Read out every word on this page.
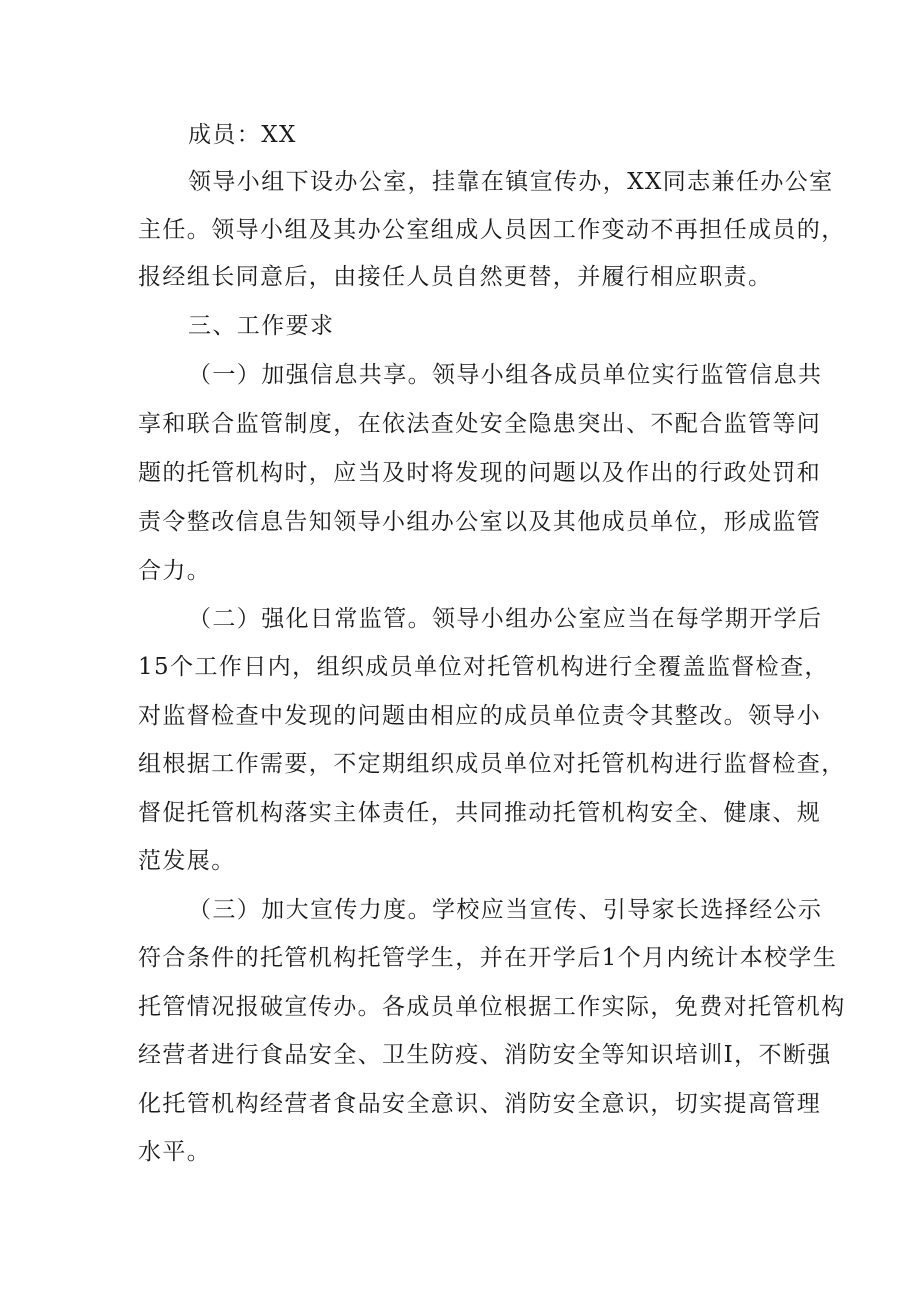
成员：XX
领导小组下设办公室，挂靠在镇宣传办，XX同志兼任办公室
主任。领导小组及其办公室组成人员因工作变动不再担任成员的，
报经组长同意后，由接任人员自然更替，并履行相应职责。
三、工作要求
（一）加强信息共享。领导小组各成员单位实行监管信息共
享和联合监管制度，在依法查处安全隐患突出、不配合监管等问
题的托管机构时，应当及时将发现的问题以及作出的行政处罚和
责令整改信息告知领导小组办公室以及其他成员单位，形成监管
合力。
（二）强化日常监管。领导小组办公室应当在每学期开学后
15个工作日内，组织成员单位对托管机构进行全覆盖监督检查，
对监督检查中发现的问题由相应的成员单位责令其整改。领导小
组根据工作需要，不定期组织成员单位对托管机构进行监督检查，
督促托管机构落实主体责任，共同推动托管机构安全、健康、规
范发展。
（三）加大宣传力度。学校应当宣传、引导家长选择经公示
符合条件的托管机构托管学生，并在开学后1个月内统计本校学生
托管情况报破宣传办。各成员单位根据工作实际，免费对托管机构
经营者进行食品安全、卫生防疫、消防安全等知识培训Ι，不断强
化托管机构经营者食品安全意识、消防安全意识，切实提高管理
水平。
